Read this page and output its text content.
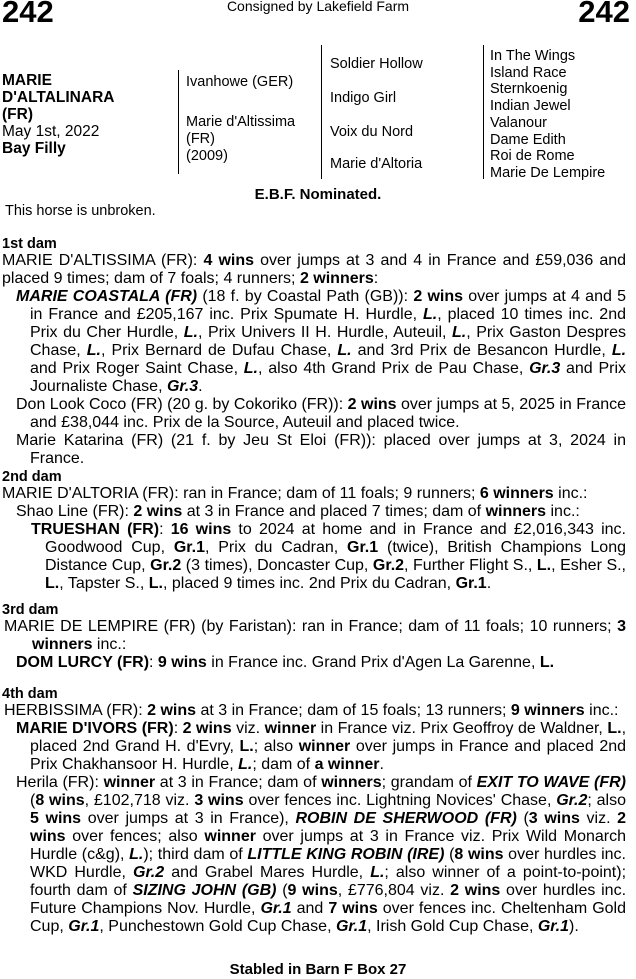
242	242
Consigned by Lakefield Farm
MARIE
D'ALTALINARA
(FR)
May 1st, 2022
Bay Filly
Ivanhowe (GER)
Marie d'Altissima
(FR)
(2009)
Soldier Hollow
Indigo Girl
Voix du Nord
Marie d'Altoria
In The Wings
Island Race
Sternkoenig
Indian Jewel
Valanour
Dame Edith
Roi de Rome
Marie De Lempire
E.B.F. Nominated.
This horse is unbroken.
1st dam

MARIE D'ALTISSIMA (FR): 4 wins over jumps at 3 and 4 in France and £59,036 and placed 9 times; dam of 7 foals; 4 runners; 2 winners:

MARIE COASTALA (FR) (18 f. by Coastal Path (GB)): 2 wins over jumps at 4 and 5 in France and £205,167 inc. Prix Spumate H. Hurdle, L., placed 10 times inc. 2nd Prix du Cher Hurdle, L., Prix Univers II H. Hurdle, Auteuil, L., Prix Gaston Despres Chase, L., Prix Bernard de Dufau Chase, L. and 3rd Prix de Besancon Hurdle, L. and Prix Roger Saint Chase, L., also 4th Grand Prix de Pau Chase, Gr.3 and Prix Journaliste Chase, Gr.3.

Don Look Coco (FR) (20 g. by Cokoriko (FR)): 2 wins over jumps at 5, 2025 in France and £38,044 inc. Prix de la Source, Auteuil and placed twice.

Marie Katarina (FR) (21 f. by Jeu St Eloi (FR)): placed over jumps at 3, 2024 in France.

2nd dam

MARIE D'ALTORIA (FR): ran in France; dam of 11 foals; 9 runners; 6 winners inc.:

Shao Line (FR): 2 wins at 3 in France and placed 7 times; dam of winners inc.:

TRUESHAN (FR): 16 wins to 2024 at home and in France and £2,016,343 inc. Goodwood Cup, Gr.1, Prix du Cadran, Gr.1 (twice), British Champions Long Distance Cup, Gr.2 (3 times), Doncaster Cup, Gr.2, Further Flight S., L., Esher S., L., Tapster S., L., placed 9 times inc. 2nd Prix du Cadran, Gr.1.

3rd dam

MARIE DE LEMPIRE (FR) (by Faristan): ran in France; dam of 11 foals; 10 runners; 3 winners inc.:

DOM LURCY (FR): 9 wins in France inc. Grand Prix d'Agen La Garenne, L.

4th dam

HERBISSIMA (FR): 2 wins at 3 in France; dam of 15 foals; 13 runners; 9 winners inc.:

MARIE D'IVORS (FR): 2 wins viz. winner in France viz. Prix Geoffroy de Waldner, L., placed 2nd Grand H. d'Evry, L.; also winner over jumps in France and placed 2nd Prix Chakhansoor H. Hurdle, L.; dam of a winner.

Herila (FR): winner at 3 in France; dam of winners; grandam of EXIT TO WAVE (FR) (8 wins, £102,718 viz. 3 wins over fences inc. Lightning Novices' Chase, Gr.2; also 5 wins over jumps at 3 in France), ROBIN DE SHERWOOD (FR) (3 wins viz. 2 wins over fences; also winner over jumps at 3 in France viz. Prix Wild Monarch Hurdle (c&g), L.); third dam of LITTLE KING ROBIN (IRE) (8 wins over hurdles inc. WKD Hurdle, Gr.2 and Grabel Mares Hurdle, L.; also winner of a point-to-point); fourth dam of SIZING JOHN (GB) (9 wins, £776,804 viz. 2 wins over hurdles inc. Future Champions Nov. Hurdle, Gr.1 and 7 wins over fences inc. Cheltenham Gold Cup, Gr.1, Punchestown Gold Cup Chase, Gr.1, Irish Gold Cup Chase, Gr.1).

Stabled in Barn F Box 27
